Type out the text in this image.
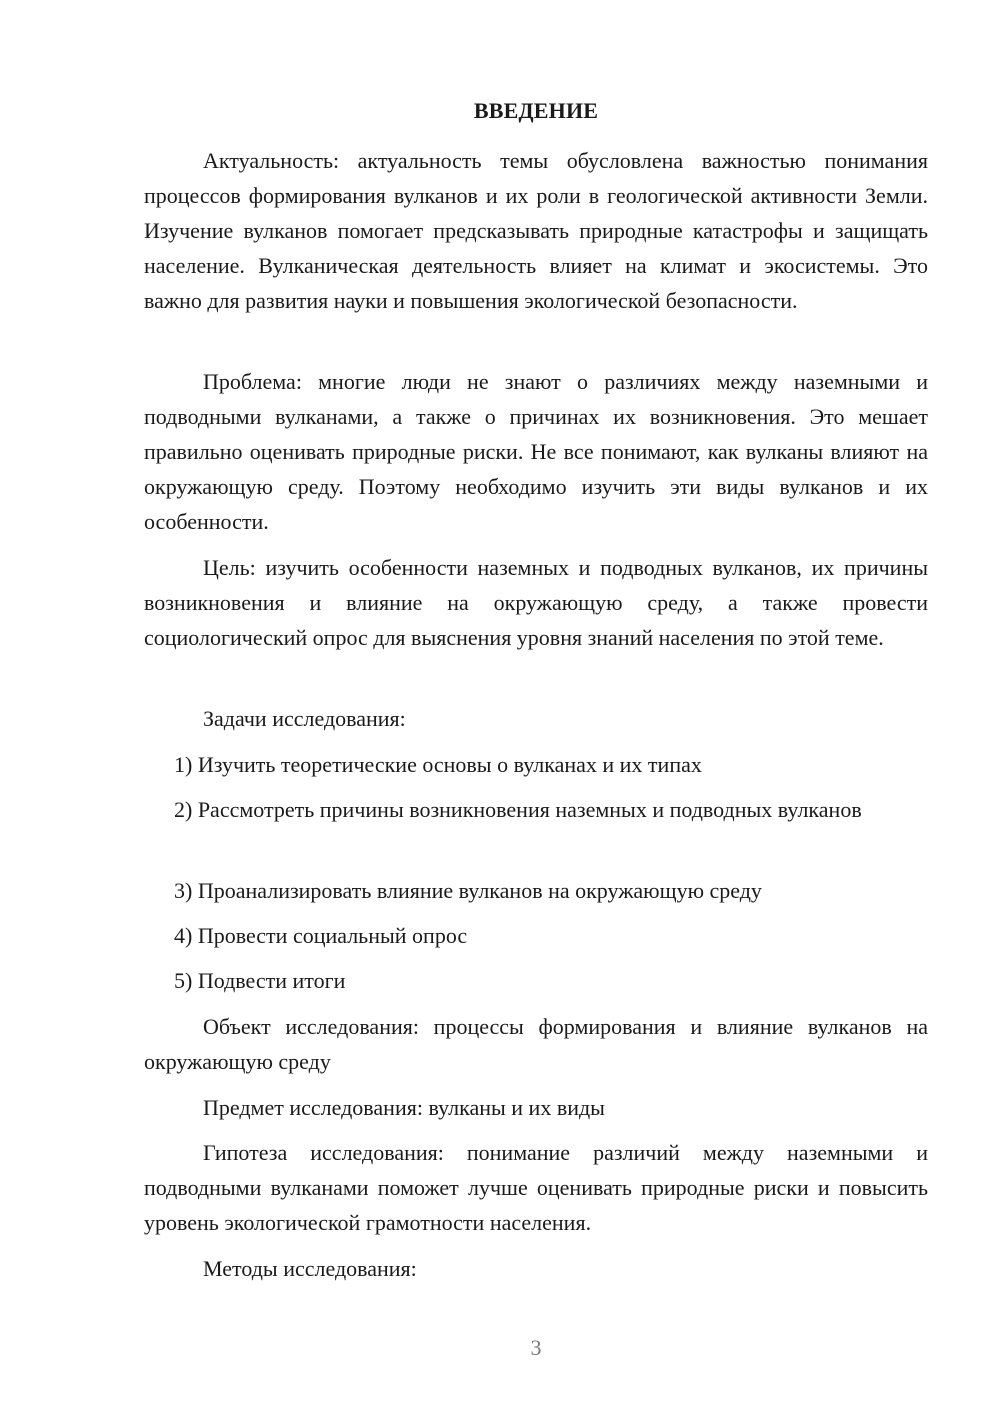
ВВЕДЕНИЕ

Актуальность: актуальность темы обусловлена важностью понимания процессов формирования вулканов и их роли в геологической активности Земли. Изучение вулканов помогает предсказывать природные катастрофы и защищать население. Вулканическая деятельность влияет на климат и экосистемы. Это важно для развития науки и повышения экологической безопасности.

Проблема: многие люди не знают о различиях между наземными и подводными вулканами, а также о причинах их возникновения. Это мешает правильно оценивать природные риски. Не все понимают, как вулканы влияют на окружающую среду. Поэтому необходимо изучить эти виды вулканов и их особенности.

Цель: изучить особенности наземных и подводных вулканов, их причины возникновения и влияние на окружающую среду, а также провести социологический опрос для выяснения уровня знаний населения по этой теме.

Задачи исследования:

1) Изучить теоретические основы о вулканах и их типах

2) Рассмотреть причины возникновения наземных и подводных вулканов

3) Проанализировать влияние вулканов на окружающую среду

4) Провести социальный опрос

5) Подвести итоги

Объект исследования: процессы формирования и влияние вулканов на окружающую среду

Предмет исследования: вулканы и их виды

Гипотеза исследования: понимание различий между наземными и подводными вулканами поможет лучше оценивать природные риски и повысить уровень экологической грамотности населения.

Методы исследования:

3
